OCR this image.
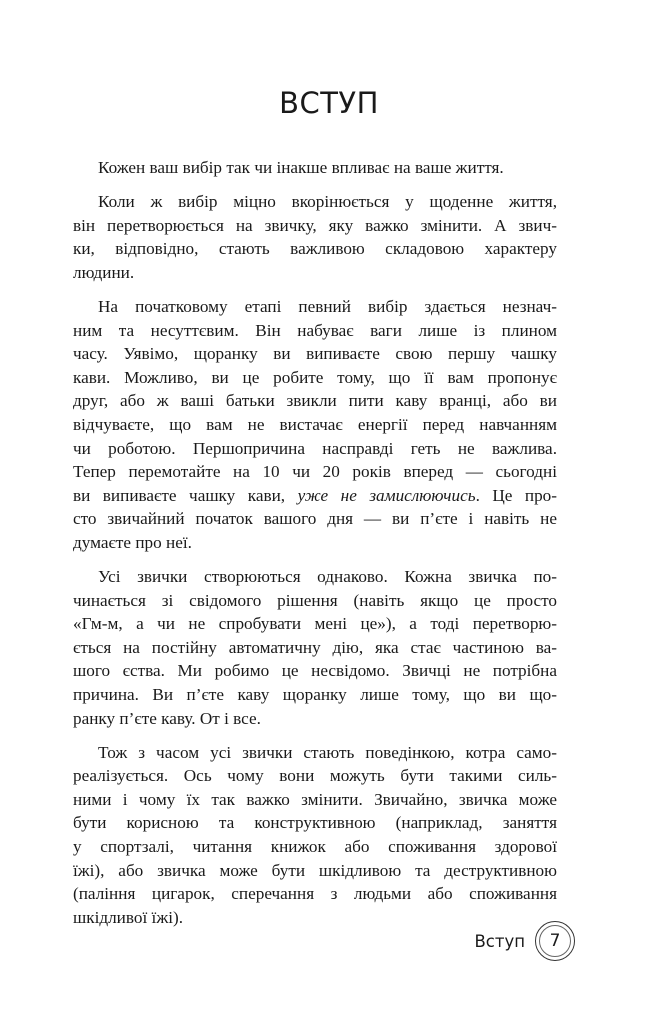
ВСТУП
Кожен ваш вибір так чи інакше впливає на ваше життя.
Коли ж вибір міцно вкорінюється у щоденне життя,
він перетворюється на звичку, яку важко змінити. А звич-
ки, відповідно, стають важливою складовою характеру
людини.
На початковому етапі певний вибір здається незнач-
ним та несуттєвим. Він набуває ваги лише із плином
часу. Уявімо, щоранку ви випиваєте свою першу чашку
кави. Можливо, ви це робите тому, що її вам пропонує
друг, або ж ваші батьки звикли пити каву вранці, або ви
відчуваєте, що вам не вистачає енергії перед навчанням
чи роботою. Першопричина насправді геть не важлива.
Тепер перемотайте на 10 чи 20 років вперед — сьогодні
ви випиваєте чашку кави, уже не замислюючись. Це про-
сто звичайний початок вашого дня — ви п’єте і навіть не
думаєте про неї.
Усі звички створюються однаково. Кожна звичка по-
чинається зі свідомого рішення (навіть якщо це просто
«Гм-м, а чи не спробувати мені це»), а тоді перетворю-
ється на постійну автоматичну дію, яка стає частиною ва-
шого єства. Ми робимо це несвідомо. Звичці не потрібна
причина. Ви п’єте каву щоранку лише тому, що ви що-
ранку п’єте каву. От і все.
Тож з часом усі звички стають поведінкою, котра само-
реалізується. Ось чому вони можуть бути такими силь-
ними і чому їх так важко змінити. Звичайно, звичка може
бути корисною та конструктивною (наприклад, заняття
у спортзалі, читання книжок або споживання здорової
їжі), або звичка може бути шкідливою та деструктивною
(паління цигарок, сперечання з людьми або споживання
шкідливої їжі).
Вступ	7
